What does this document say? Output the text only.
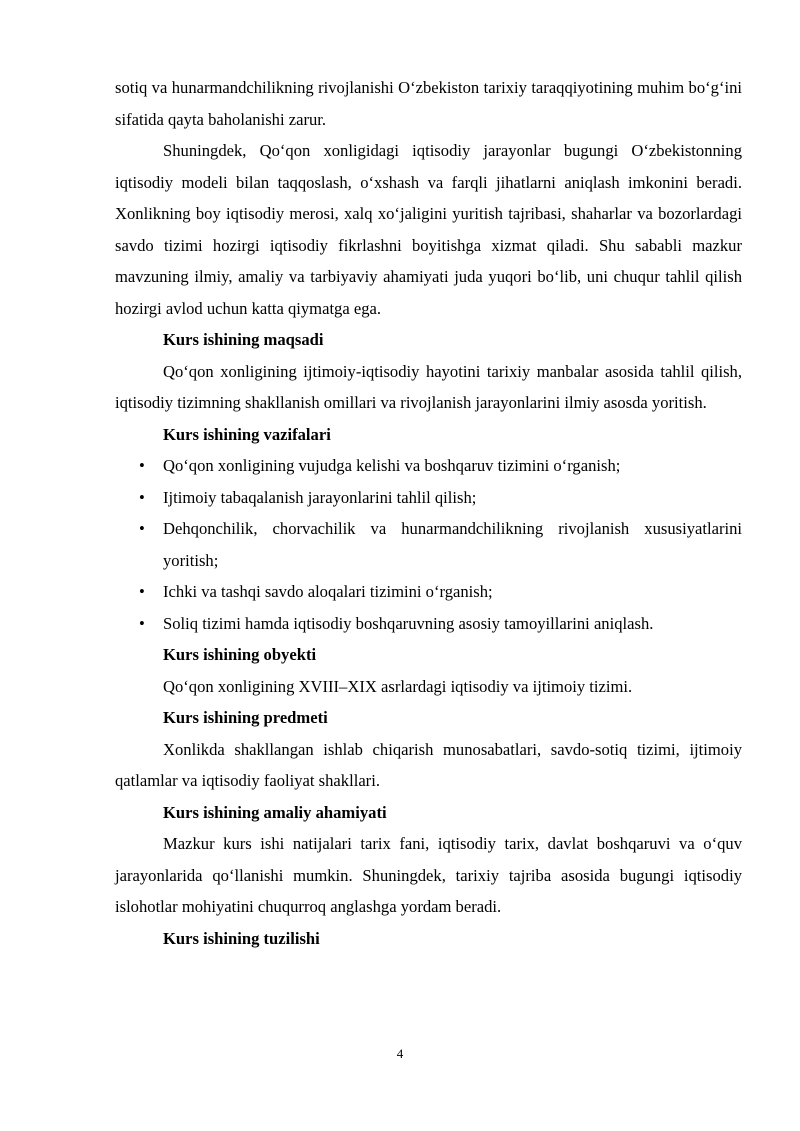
sotiq va hunarmandchilikning rivojlanishi O‘zbekiston tarixiy taraqqiyotining muhim bo‘g‘ini sifatida qayta baholanishi zarur.

Shuningdek, Qo‘qon xonligidagi iqtisodiy jarayonlar bugungi O‘zbekistonning iqtisodiy modeli bilan taqqoslash, o‘xshash va farqli jihatlarni aniqlash imkonini beradi. Xonlikning boy iqtisodiy merosi, xalq xo‘jaligini yuritish tajribasi, shaharlar va bozorlardagi savdo tizimi hozirgi iqtisodiy fikrlashni boyitishga xizmat qiladi. Shu sababli mazkur mavzuning ilmiy, amaliy va tarbiyaviy ahamiyati juda yuqori bo‘lib, uni chuqur tahlil qilish hozirgi avlod uchun katta qiymatga ega.

Kurs ishining maqsadi

Qo‘qon xonligining ijtimoiy-iqtisodiy hayotini tarixiy manbalar asosida tahlil qilish, iqtisodiy tizimning shakllanish omillari va rivojlanish jarayonlarini ilmiy asosda yoritish.

Kurs ishining vazifalari

• Qo‘qon xonligining vujudga kelishi va boshqaruv tizimini o‘rganish;
• Ijtimoiy tabaqalanish jarayonlarini tahlil qilish;
• Dehqonchilik, chorvachilik va hunarmandchilikning rivojlanish xususiyatlarini yoritish;
• Ichki va tashqi savdo aloqalari tizimini o‘rganish;
• Soliq tizimi hamda iqtisodiy boshqaruvning asosiy tamoyillarini aniqlash.

Kurs ishining obyekti

Qo‘qon xonligining XVIII–XIX asrlardagi iqtisodiy va ijtimoiy tizimi.

Kurs ishining predmeti

Xonlikda shakllangan ishlab chiqarish munosabatlari, savdo-sotiq tizimi, ijtimoiy qatlamlar va iqtisodiy faoliyat shakllari.

Kurs ishining amaliy ahamiyati

Mazkur kurs ishi natijalari tarix fani, iqtisodiy tarix, davlat boshqaruvi va o‘quv jarayonlarida qo‘llanishi mumkin. Shuningdek, tarixiy tajriba asosida bugungi iqtisodiy islohotlar mohiyatini chuqurroq anglashga yordam beradi.

Kurs ishining tuzilishi

4
